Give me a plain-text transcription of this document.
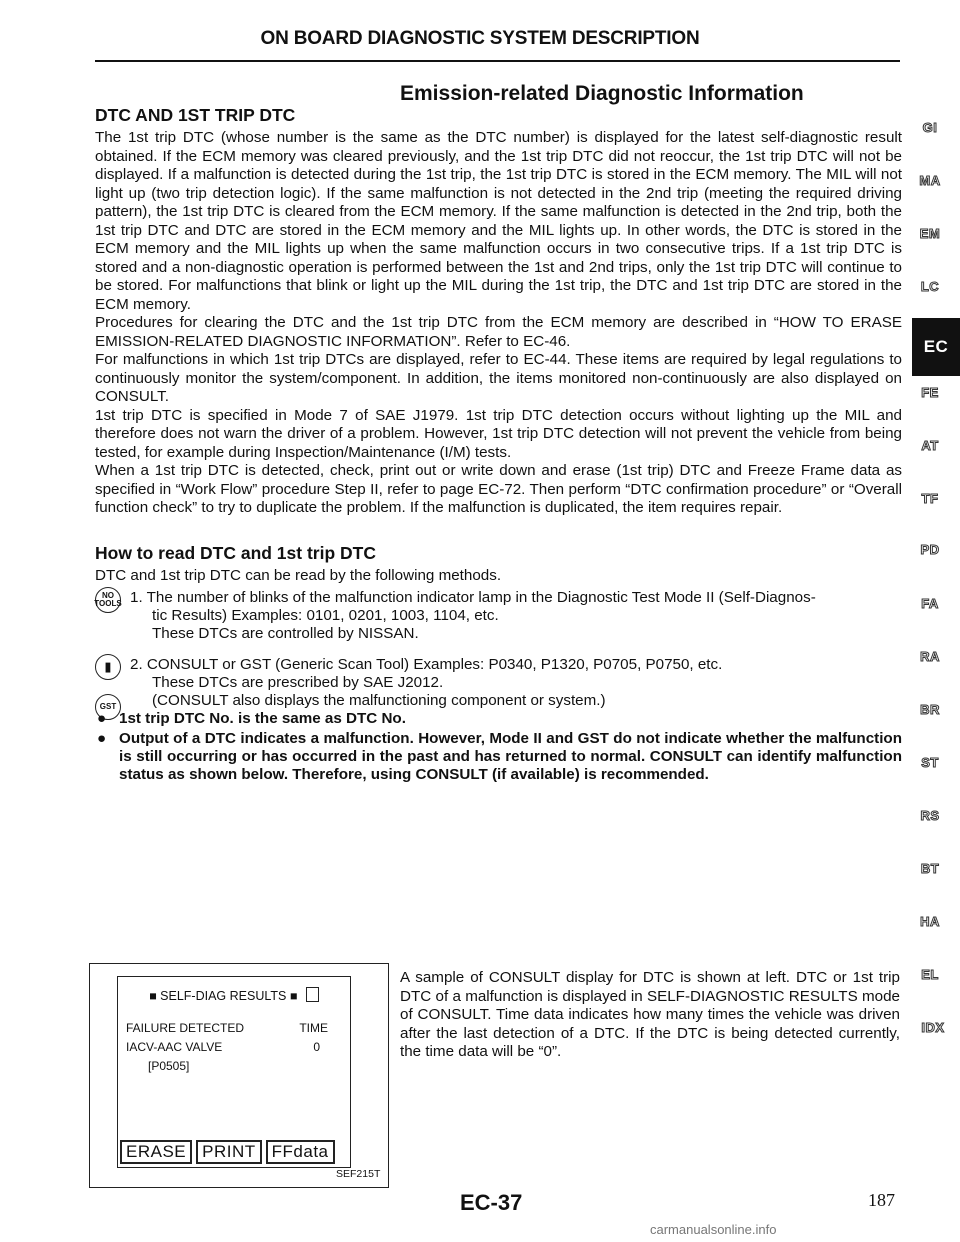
ON BOARD DIAGNOSTIC SYSTEM DESCRIPTION
Emission-related Diagnostic Information
DTC AND 1ST TRIP DTC

The 1st trip DTC (whose number is the same as the DTC number) is displayed for the latest self-diagnostic result obtained. If the ECM memory was cleared previously, and the 1st trip DTC did not reoccur, the 1st trip DTC will not be displayed. If a malfunction is detected during the 1st trip, the 1st trip DTC is stored in the ECM memory. The MIL will not light up (two trip detection logic). If the same malfunction is not detected in the 2nd trip (meeting the required driving pattern), the 1st trip DTC is cleared from the ECM memory. If the same malfunction is detected in the 2nd trip, both the 1st trip DTC and DTC are stored in the ECM memory and the MIL lights up. In other words, the DTC is stored in the ECM memory and the MIL lights up when the same malfunction occurs in two consecutive trips. If a 1st trip DTC is stored and a non-diagnostic operation is performed between the 1st and 2nd trips, only the 1st trip DTC will continue to be stored. For malfunctions that blink or light up the MIL during the 1st trip, the DTC and 1st trip DTC are stored in the ECM memory.

Procedures for clearing the DTC and the 1st trip DTC from the ECM memory are described in “HOW TO ERASE EMISSION-RELATED DIAGNOSTIC INFORMATION”. Refer to EC-46.

For malfunctions in which 1st trip DTCs are displayed, refer to EC-44. These items are required by legal regulations to continuously monitor the system/component. In addition, the items monitored non-continuously are also displayed on CONSULT.

1st trip DTC is specified in Mode 7 of SAE J1979. 1st trip DTC detection occurs without lighting up the MIL and therefore does not warn the driver of a problem. However, 1st trip DTC detection will not prevent the vehicle from being tested, for example during Inspection/Maintenance (I/M) tests.

When a 1st trip DTC is detected, check, print out or write down and erase (1st trip) DTC and Freeze Frame data as specified in “Work Flow” procedure Step II, refer to page EC-72. Then perform “DTC confirmation procedure” or “Overall function check” to try to duplicate the problem. If the malfunction is duplicated, the item requires repair.

How to read DTC and 1st trip DTC
DTC and 1st trip DTC can be read by the following methods.
NO TOOLS 1. The number of blinks of the malfunction indicator lamp in the Diagnostic Test Mode II (Self-Diagnos-
tic Results) Examples: 0101, 0201, 1003, 1104, etc.
These DTCs are controlled by NISSAN.
▮	2. CONSULT or GST (Generic Scan Tool) Examples: P0340, P1320, P0705, P0750, etc.
These DTCs are prescribed by SAE J2012.
(CONSULT also displays the malfunctioning component or system.)
GST
● 1st trip DTC No. is the same as DTC No.
● Output of a DTC indicates a malfunction. However, Mode II and GST do not indicate whether the malfunction is still occurring or has occurred in the past and has returned to normal. CONSULT can identify malfunction status as shown below. Therefore, using CONSULT (if available) is recommended.
■ SELF-DIAG RESULTS ■
FAILURE DETECTED	TIME
IACV-AAC VALVE	0
[P0505]
ERASE PRINT FFdata
SEF215T
A sample of CONSULT display for DTC is shown at left. DTC or 1st trip DTC of a malfunction is displayed in SELF-DIAGNOSTIC RESULTS mode of CONSULT. Time data indicates how many times the vehicle was driven after the last detection of a DTC. If the DTC is being detected currently, the time data will be “0”.
GI
MA
EM
LC
EC
FE
AT
TF
PD
FA
RA
BR
ST
RS
BT
HA
EL
IDX
EC-37	187
carmanualsonline.info
